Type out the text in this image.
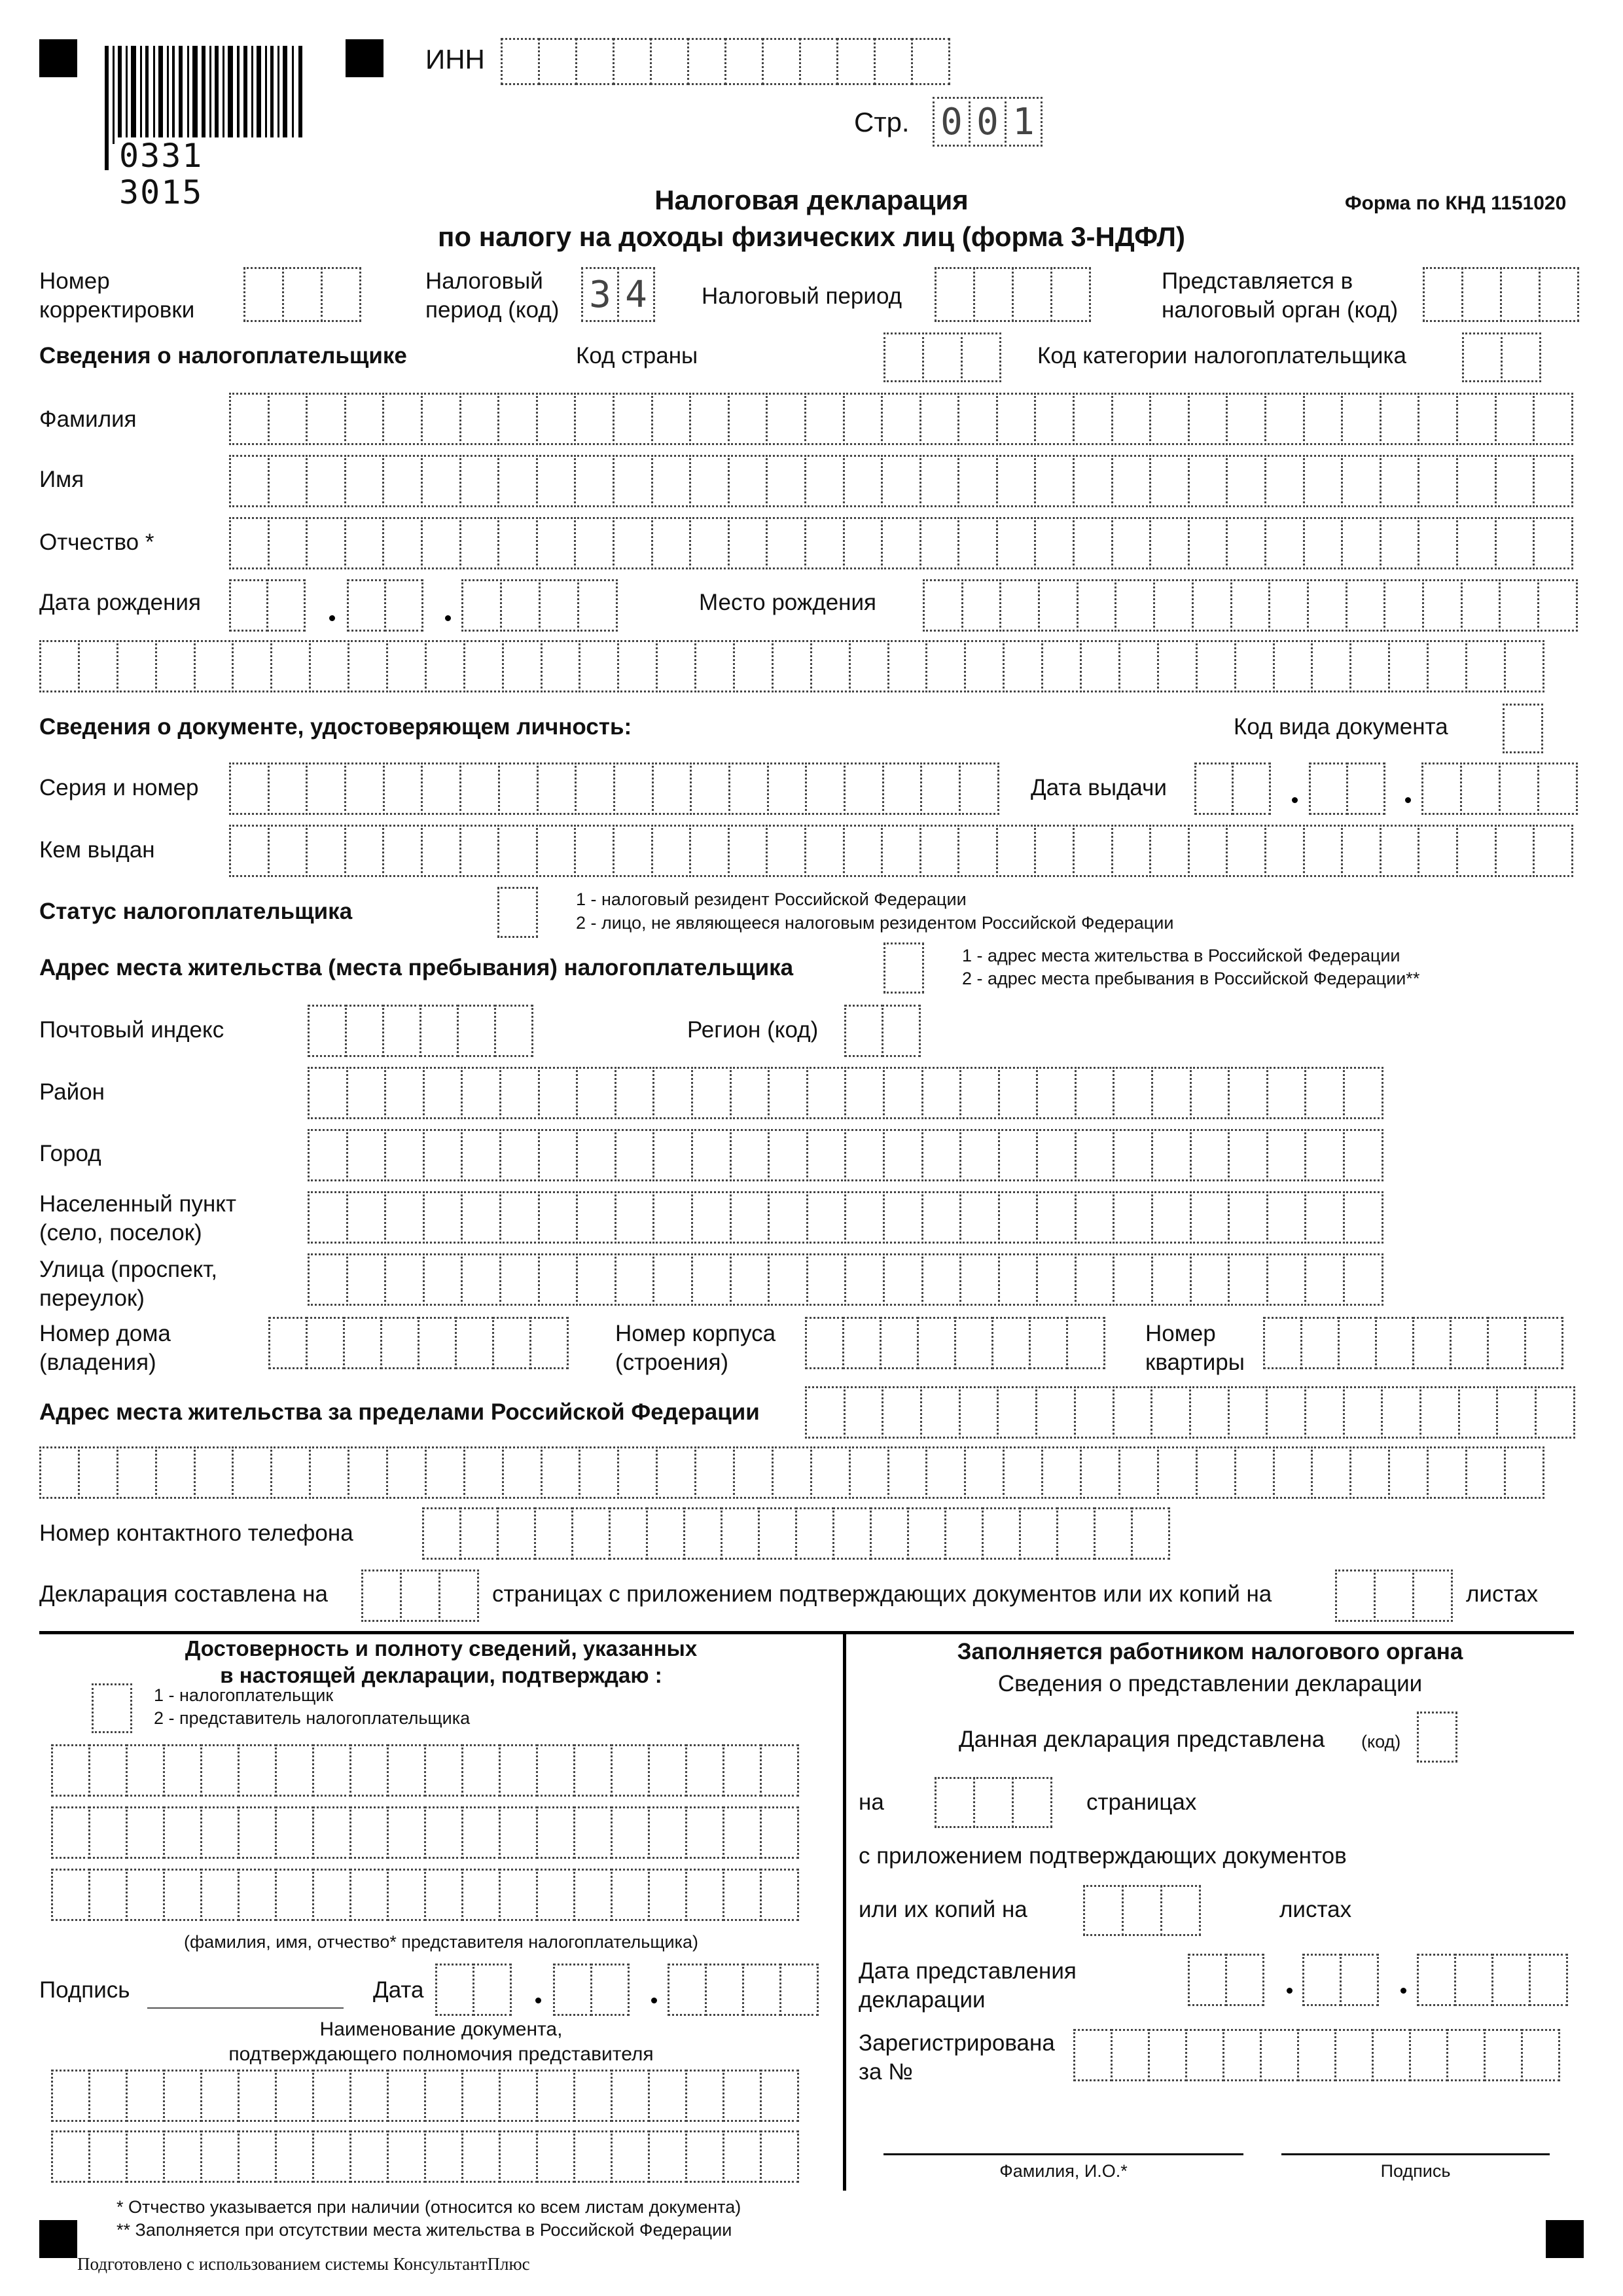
0331 3015
ИНН
Стр. 0 0 1
Налоговая декларация
по налогу на доходы физических лиц (форма 3-НДФЛ)
Форма по КНД 1151020
Номер
корректировки
Налоговый
период (код) 3 4	Налоговый период
Представляется в
налоговый орган (код)
Сведения о налогоплательщике	Код страны	Код категории налогоплательщика
Фамилия
Имя
Отчество *
Дата рождения	Место рождения
Сведения о документе, удостоверяющем личность:	Код вида документа
Серия и номер	Дата выдачи
Кем выдан
Статус налогоплательщика	1 - налоговый резидент Российской Федерации
2 - лицо, не являющееся налоговым резидентом Российской Федерации
Адрес места жительства (места пребывания) налогоплательщика	1 - адрес места жительства в Российской Федерации
2 - адрес места пребывания в Российской Федерации**
Почтовый индекс	Регион (код)
Район
Город
Населенный пункт
(село, поселок)
Улица (проспект,
переулок)
Номер дома
(владения)
Номер корпуса
(строения)
Номер
квартиры
Адрес места жительства за пределами Российской Федерации
Номер контактного телефона
Декларация составлена на	страницах с приложением подтверждающих документов или их копий на	листах
Достоверность и полноту сведений, указанных
в настоящей декларации, подтверждаю :
1 - налогоплательщик
2 - представитель налогоплательщика
(фамилия, имя, отчество* представителя налогоплательщика)
Подпись	Дата
Наименование документа,
подтверждающего полномочия представителя
Заполняется работником налогового органа
Сведения о представлении декларации
Данная декларация представлена (код)
на	страницах
с приложением подтверждающих документов
или их копий на	листах
Дата представления
декларации
Зарегистрирована
за №
Фамилия, И.О.*	Подпись
* Отчество указывается при наличии (относится ко всем листам документа)
** Заполняется при отсутствии места жительства в Российской Федерации
Подготовлено с использованием системы КонсультантПлюс
